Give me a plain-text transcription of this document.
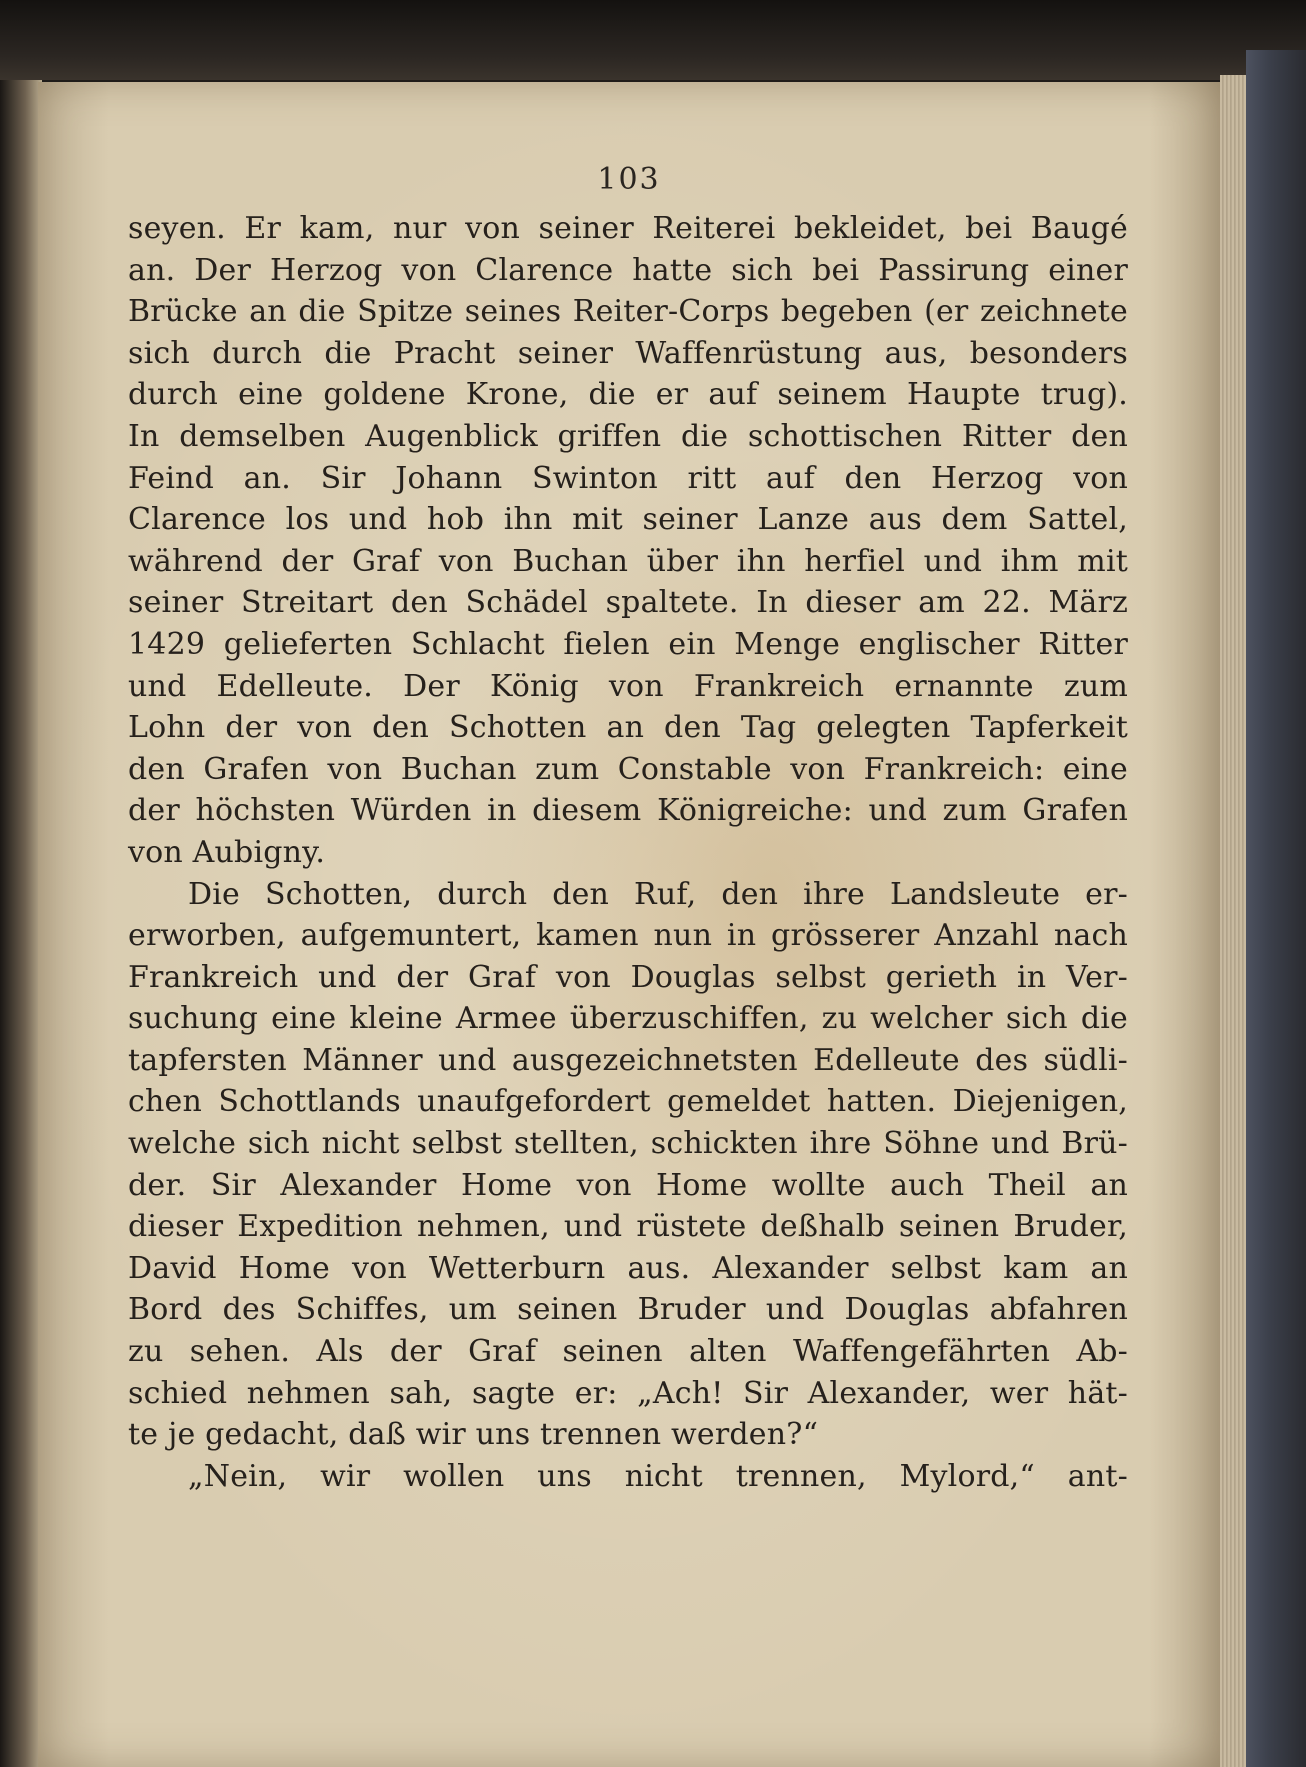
103
seyen. Er kam, nur von seiner Reiterei bekleidet, bei Baugé
an. Der Herzog von Clarence hatte sich bei Passirung einer
Brücke an die Spitze seines Reiter-Corps begeben (er zeichnete
sich durch die Pracht seiner Waffenrüstung aus, besonders
durch eine goldene Krone, die er auf seinem Haupte trug).
In demselben Augenblick griffen die schottischen Ritter den
Feind an. Sir Johann Swinton ritt auf den Herzog von
Clarence los und hob ihn mit seiner Lanze aus dem Sattel,
während der Graf von Buchan über ihn herfiel und ihm mit
seiner Streitart den Schädel spaltete. In dieser am 22. März
1429 gelieferten Schlacht fielen ein Menge englischer Ritter
und Edelleute. Der König von Frankreich ernannte zum
Lohn der von den Schotten an den Tag gelegten Tapferkeit
den Grafen von Buchan zum Constable von Frankreich: eine
der höchsten Würden in diesem Königreiche: und zum Grafen
von Aubigny.
Die Schotten, durch den Ruf, den ihre Landsleute er-
erworben, aufgemuntert, kamen nun in grösserer Anzahl nach
Frankreich und der Graf von Douglas selbst gerieth in Ver-
suchung eine kleine Armee überzuschiffen, zu welcher sich die
tapfersten Männer und ausgezeichnetsten Edelleute des südli-
chen Schottlands unaufgefordert gemeldet hatten. Diejenigen,
welche sich nicht selbst stellten, schickten ihre Söhne und Brü-
der. Sir Alexander Home von Home wollte auch Theil an
dieser Expedition nehmen, und rüstete deßhalb seinen Bruder,
David Home von Wetterburn aus. Alexander selbst kam an
Bord des Schiffes, um seinen Bruder und Douglas abfahren
zu sehen. Als der Graf seinen alten Waffengefährten Ab-
schied nehmen sah, sagte er: „Ach! Sir Alexander, wer hät-
te je gedacht, daß wir uns trennen werden?“
„Nein, wir wollen uns nicht trennen, Mylord,“ ant-
